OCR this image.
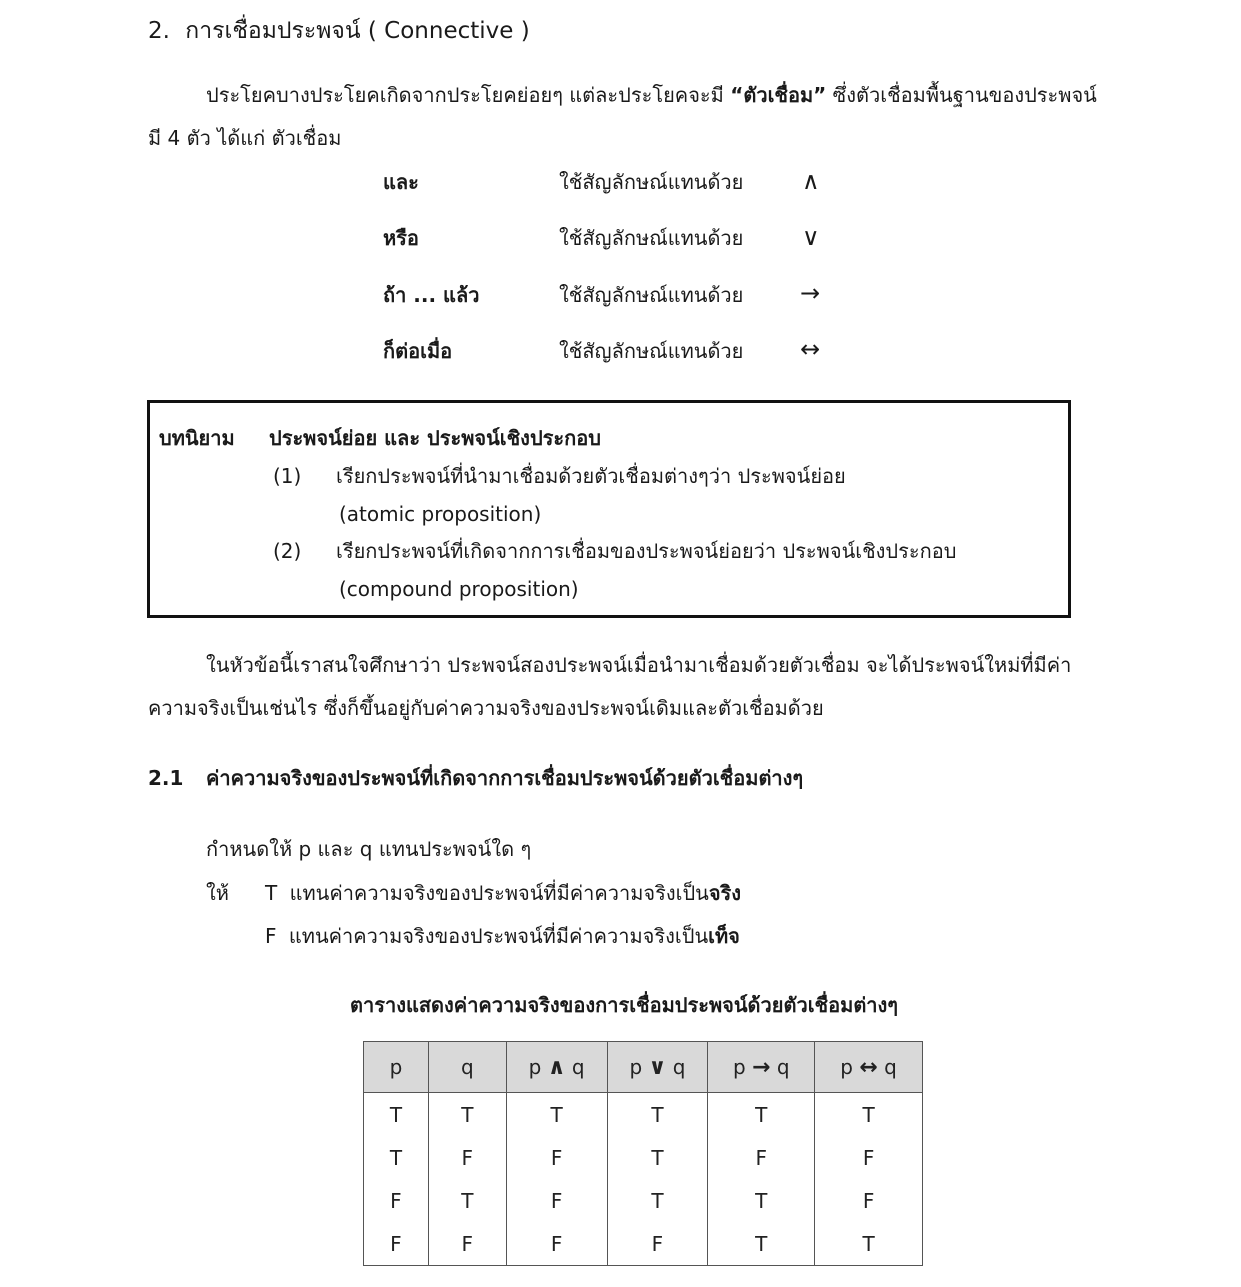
2. การเชื่อมประพจน์ ( Connective )
ประโยคบางประโยคเกิดจากประโยคย่อยๆ แต่ละประโยคจะมี “ตัวเชื่อม” ซึ่งตัวเชื่อมพื้นฐานของประพจน์
มี 4 ตัว ได้แก่ ตัวเชื่อม
และ	ใช้สัญลักษณ์แทนด้วย ∧
หรือ	ใช้สัญลักษณ์แทนด้วย ∨
ถ้า ... แล้ว	ใช้สัญลักษณ์แทนด้วย →
ก็ต่อเมื่อ	ใช้สัญลักษณ์แทนด้วย ↔
บทนิยาม ประพจน์ย่อย และ ประพจน์เชิงประกอบ
(1) เรียกประพจน์ที่นำมาเชื่อมด้วยตัวเชื่อมต่างๆว่า ประพจน์ย่อย
(atomic proposition)
(2) เรียกประพจน์ที่เกิดจากการเชื่อมของประพจน์ย่อยว่า ประพจน์เชิงประกอบ
(compound proposition)
ในหัวข้อนี้เราสนใจศึกษาว่า ประพจน์สองประพจน์เมื่อนำมาเชื่อมด้วยตัวเชื่อม จะได้ประพจน์ใหม่ที่มีค่า
ความจริงเป็นเช่นไร ซึ่งก็ขึ้นอยู่กับค่าความจริงของประพจน์เดิมและตัวเชื่อมด้วย
2.1 ค่าความจริงของประพจน์ที่เกิดจากการเชื่อมประพจน์ด้วยตัวเชื่อมต่างๆ
กำหนดให้ p และ q แทนประพจน์ใด ๆ
ให้ T แทนค่าความจริงของประพจน์ที่มีค่าความจริงเป็นจริง
F แทนค่าความจริงของประพจน์ที่มีค่าความจริงเป็นเท็จ
ตารางแสดงค่าความจริงของการเชื่อมประพจน์ด้วยตัวเชื่อมต่างๆ
p	q	p ∧ q	p ∨ q	p → q	p ↔ q
T	T	T	T	T	T
T	F	F	T	F	F
F	T	F	T	T	F
F	F	F	F	T	T
